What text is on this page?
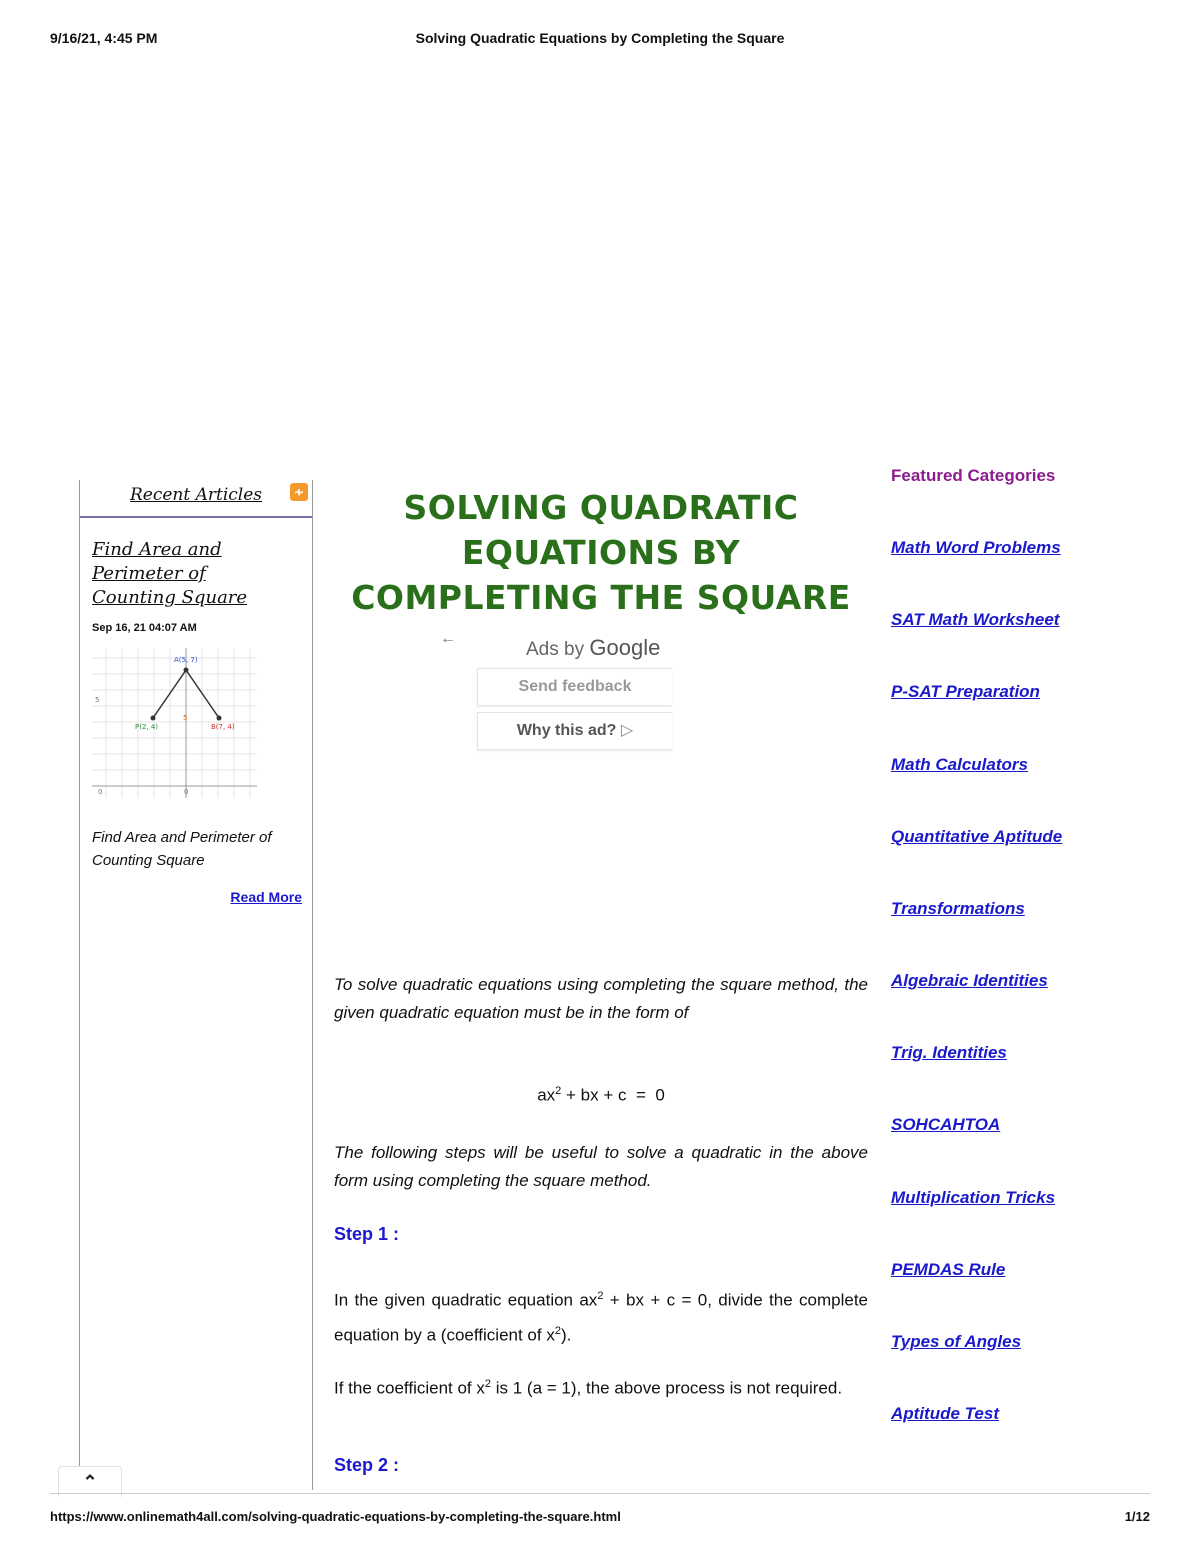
9/16/21, 4:45 PM	Solving Quadratic Equations by Completing the Square
Recent Articles	∻
Find Area and Perimeter of Counting Square
Sep 16, 21 04:07 AM
A(5, 7)
P(2, 4)	B(7, 4)
5
5
0	0
Find Area and Perimeter of Counting Square
Read More
SOLVING QUADRATIC EQUATIONS BY COMPLETING THE SQUARE
←
Ads by Google
Send feedback
Why this ad? ▷

To solve quadratic equations using completing the square method, the given quadratic equation must be in the form of

$ax^2$ + bx + c  =  0

The following steps will be useful to solve a quadratic in the above form using completing the square method.

Step 1 :

In the given quadratic equation $ax^2$ + bx + c = 0, divide the complete equation by a (coefficient of $x^2$).

If the coefficient of $x^2$ is 1 (a = 1), the above process is not required.

Step 2 :
Featured Categories
Math Word Problems
SAT Math Worksheet
P-SAT Preparation
Math Calculators
Quantitative Aptitude
Transformations
Algebraic Identities
Trig. Identities
SOHCAHTOA
Multiplication Tricks
PEMDAS Rule
Types of Angles
Aptitude Test
⌃
https://www.onlinemath4all.com/solving-quadratic-equations-by-completing-the-square.html	1/12
